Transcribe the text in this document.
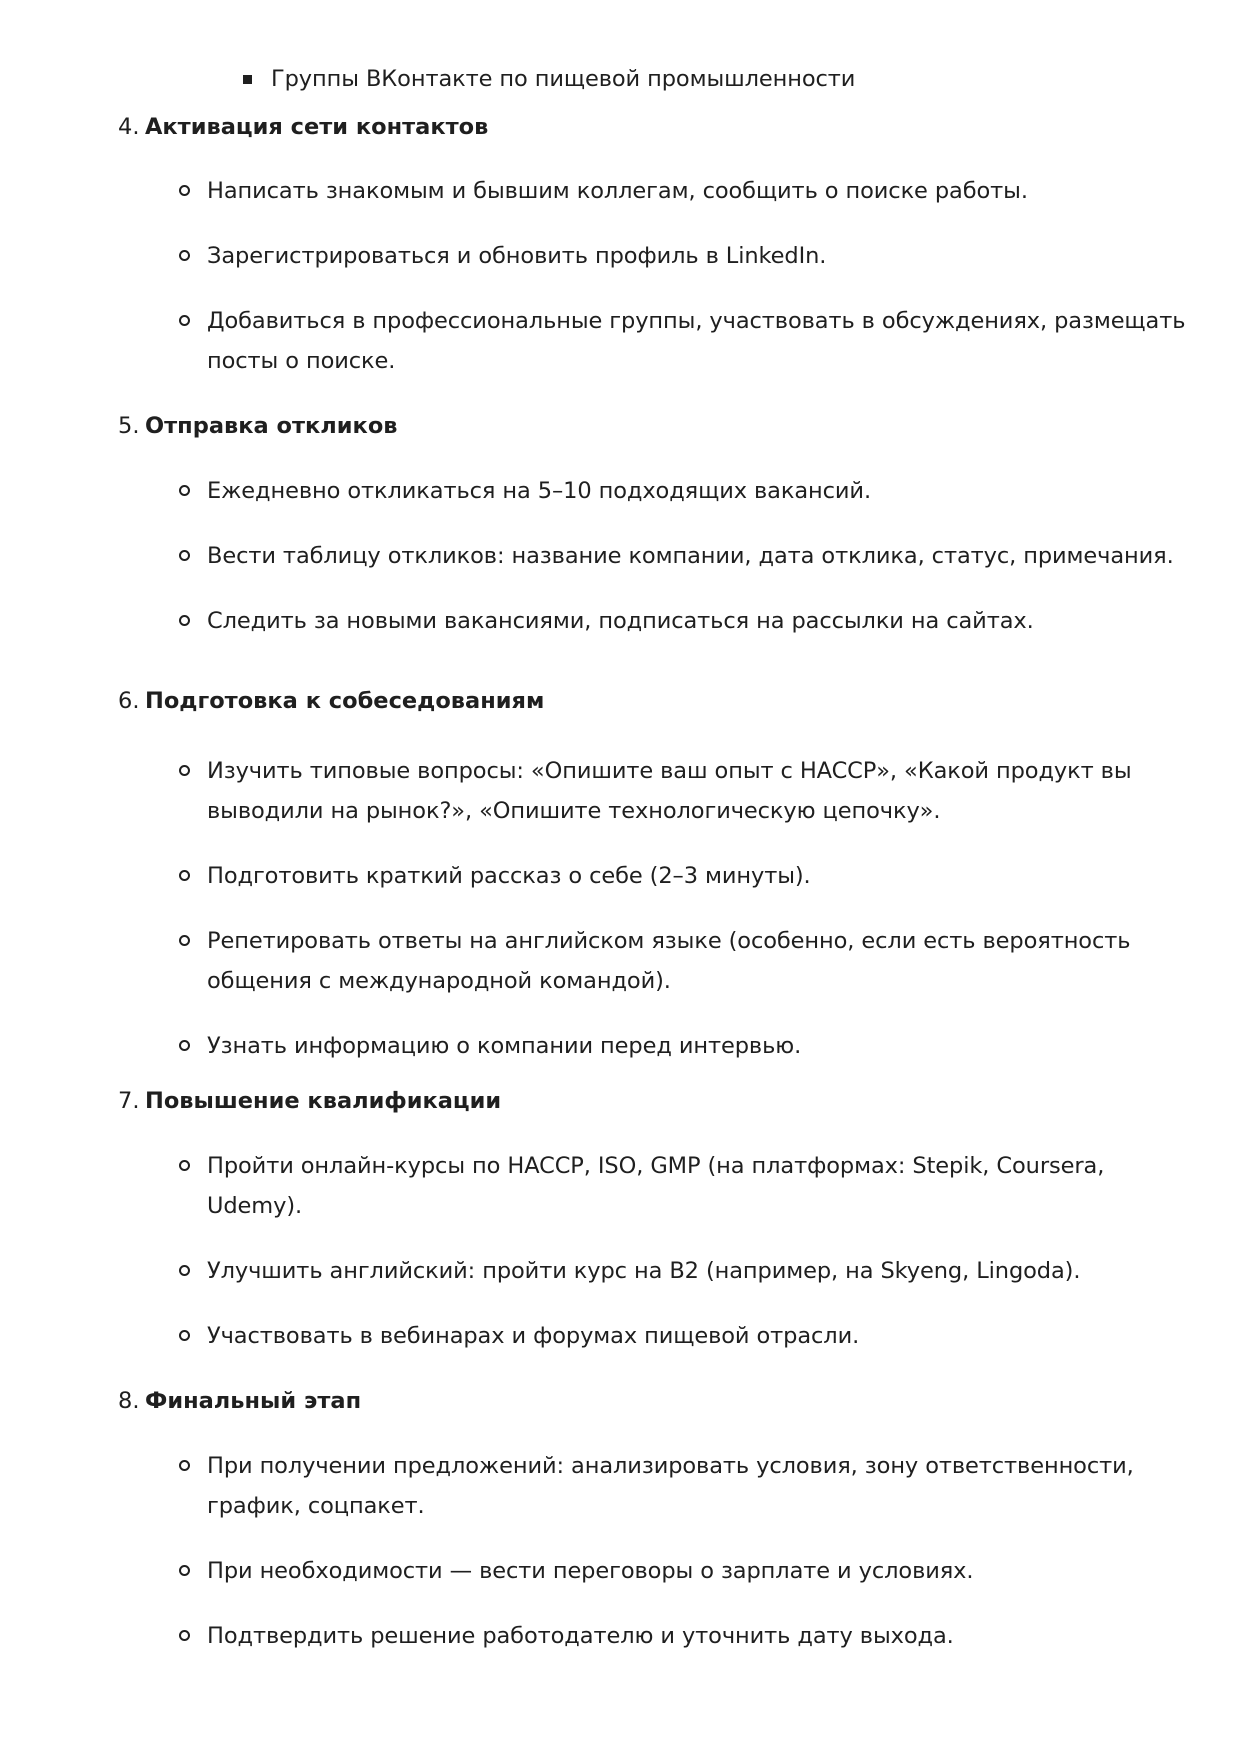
Группы ВКонтакте по пищевой промышленности
4. Активация сети контактов
Написать знакомым и бывшим коллегам, сообщить о поиске работы.
Зарегистрироваться и обновить профиль в LinkedIn.
Добавиться в профессиональные группы, участвовать в обсуждениях, размещать
посты о поиске.
5. Отправка откликов
Ежедневно откликаться на 5–10 подходящих вакансий.
Вести таблицу откликов: название компании, дата отклика, статус, примечания.
Следить за новыми вакансиями, подписаться на рассылки на сайтах.
6. Подготовка к собеседованиям
Изучить типовые вопросы: «Опишите ваш опыт с HACCP», «Какой продукт вы
выводили на рынок?», «Опишите технологическую цепочку».
Подготовить краткий рассказ о себе (2–3 минуты).
Репетировать ответы на английском языке (особенно, если есть вероятность
общения с международной командой).
Узнать информацию о компании перед интервью.
7. Повышение квалификации
Пройти онлайн-курсы по HACCP, ISO, GMP (на платформах: Stepik, Coursera,
Udemy).
Улучшить английский: пройти курс на B2 (например, на Skyeng, Lingoda).
Участвовать в вебинарах и форумах пищевой отрасли.
8. Финальный этап
При получении предложений: анализировать условия, зону ответственности,
график, соцпакет.
При необходимости — вести переговоры о зарплате и условиях.
Подтвердить решение работодателю и уточнить дату выхода.
